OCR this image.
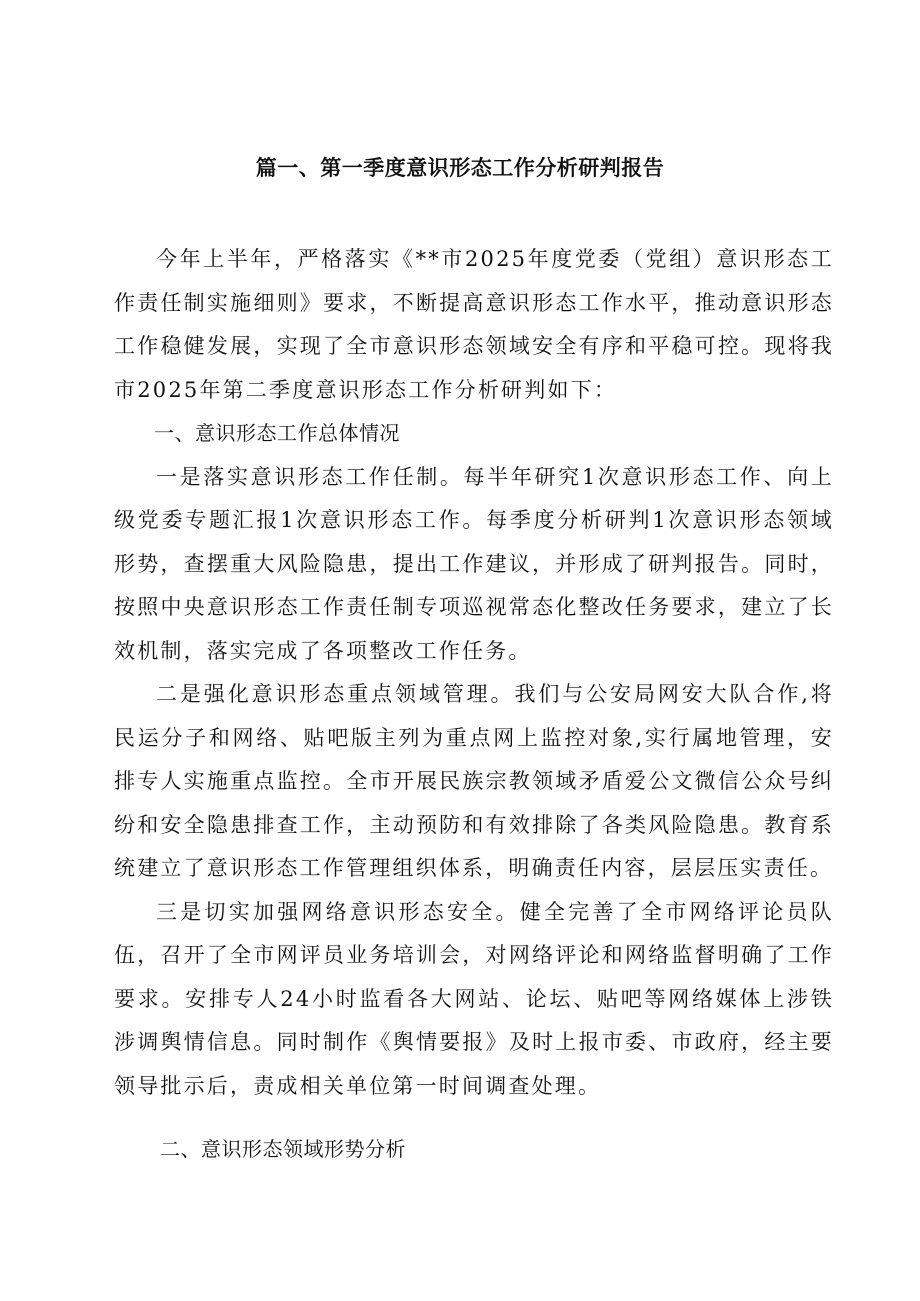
篇一、第一季度意识形态工作分析研判报告

今年上半年，严格落实《**市2025年度党委（党组）意识形态工作责任制实施细则》要求，不断提高意识形态工作水平，推动意识形态工作稳健发展，实现了全市意识形态领域安全有序和平稳可控。现将我市2025年第二季度意识形态工作分析研判如下：

一、意识形态工作总体情况

一是落实意识形态工作任制。每半年研究1次意识形态工作、向上级党委专题汇报1次意识形态工作。每季度分析研判1次意识形态领域形势，查摆重大风险隐患，提出工作建议，并形成了研判报告。同时，按照中央意识形态工作责任制专项巡视常态化整改任务要求，建立了长效机制，落实完成了各项整改工作任务。

二是强化意识形态重点领域管理。我们与公安局网安大队合作,将民运分子和网络、贴吧版主列为重点网上监控对象,实行属地管理，安排专人实施重点监控。全市开展民族宗教领域矛盾爱公文微信公众号纠纷和安全隐患排查工作，主动预防和有效排除了各类风险隐患。教育系统建立了意识形态工作管理组织体系，明确责任内容，层层压实责任。

三是切实加强网络意识形态安全。健全完善了全市网络评论员队伍，召开了全市网评员业务培训会，对网络评论和网络监督明确了工作要求。安排专人24小时监看各大网站、论坛、贴吧等网络媒体上涉铁涉调舆情信息。同时制作《舆情要报》及时上报市委、市政府，经主要领导批示后，责成相关单位第一时间调查处理。

二、意识形态领域形势分析
